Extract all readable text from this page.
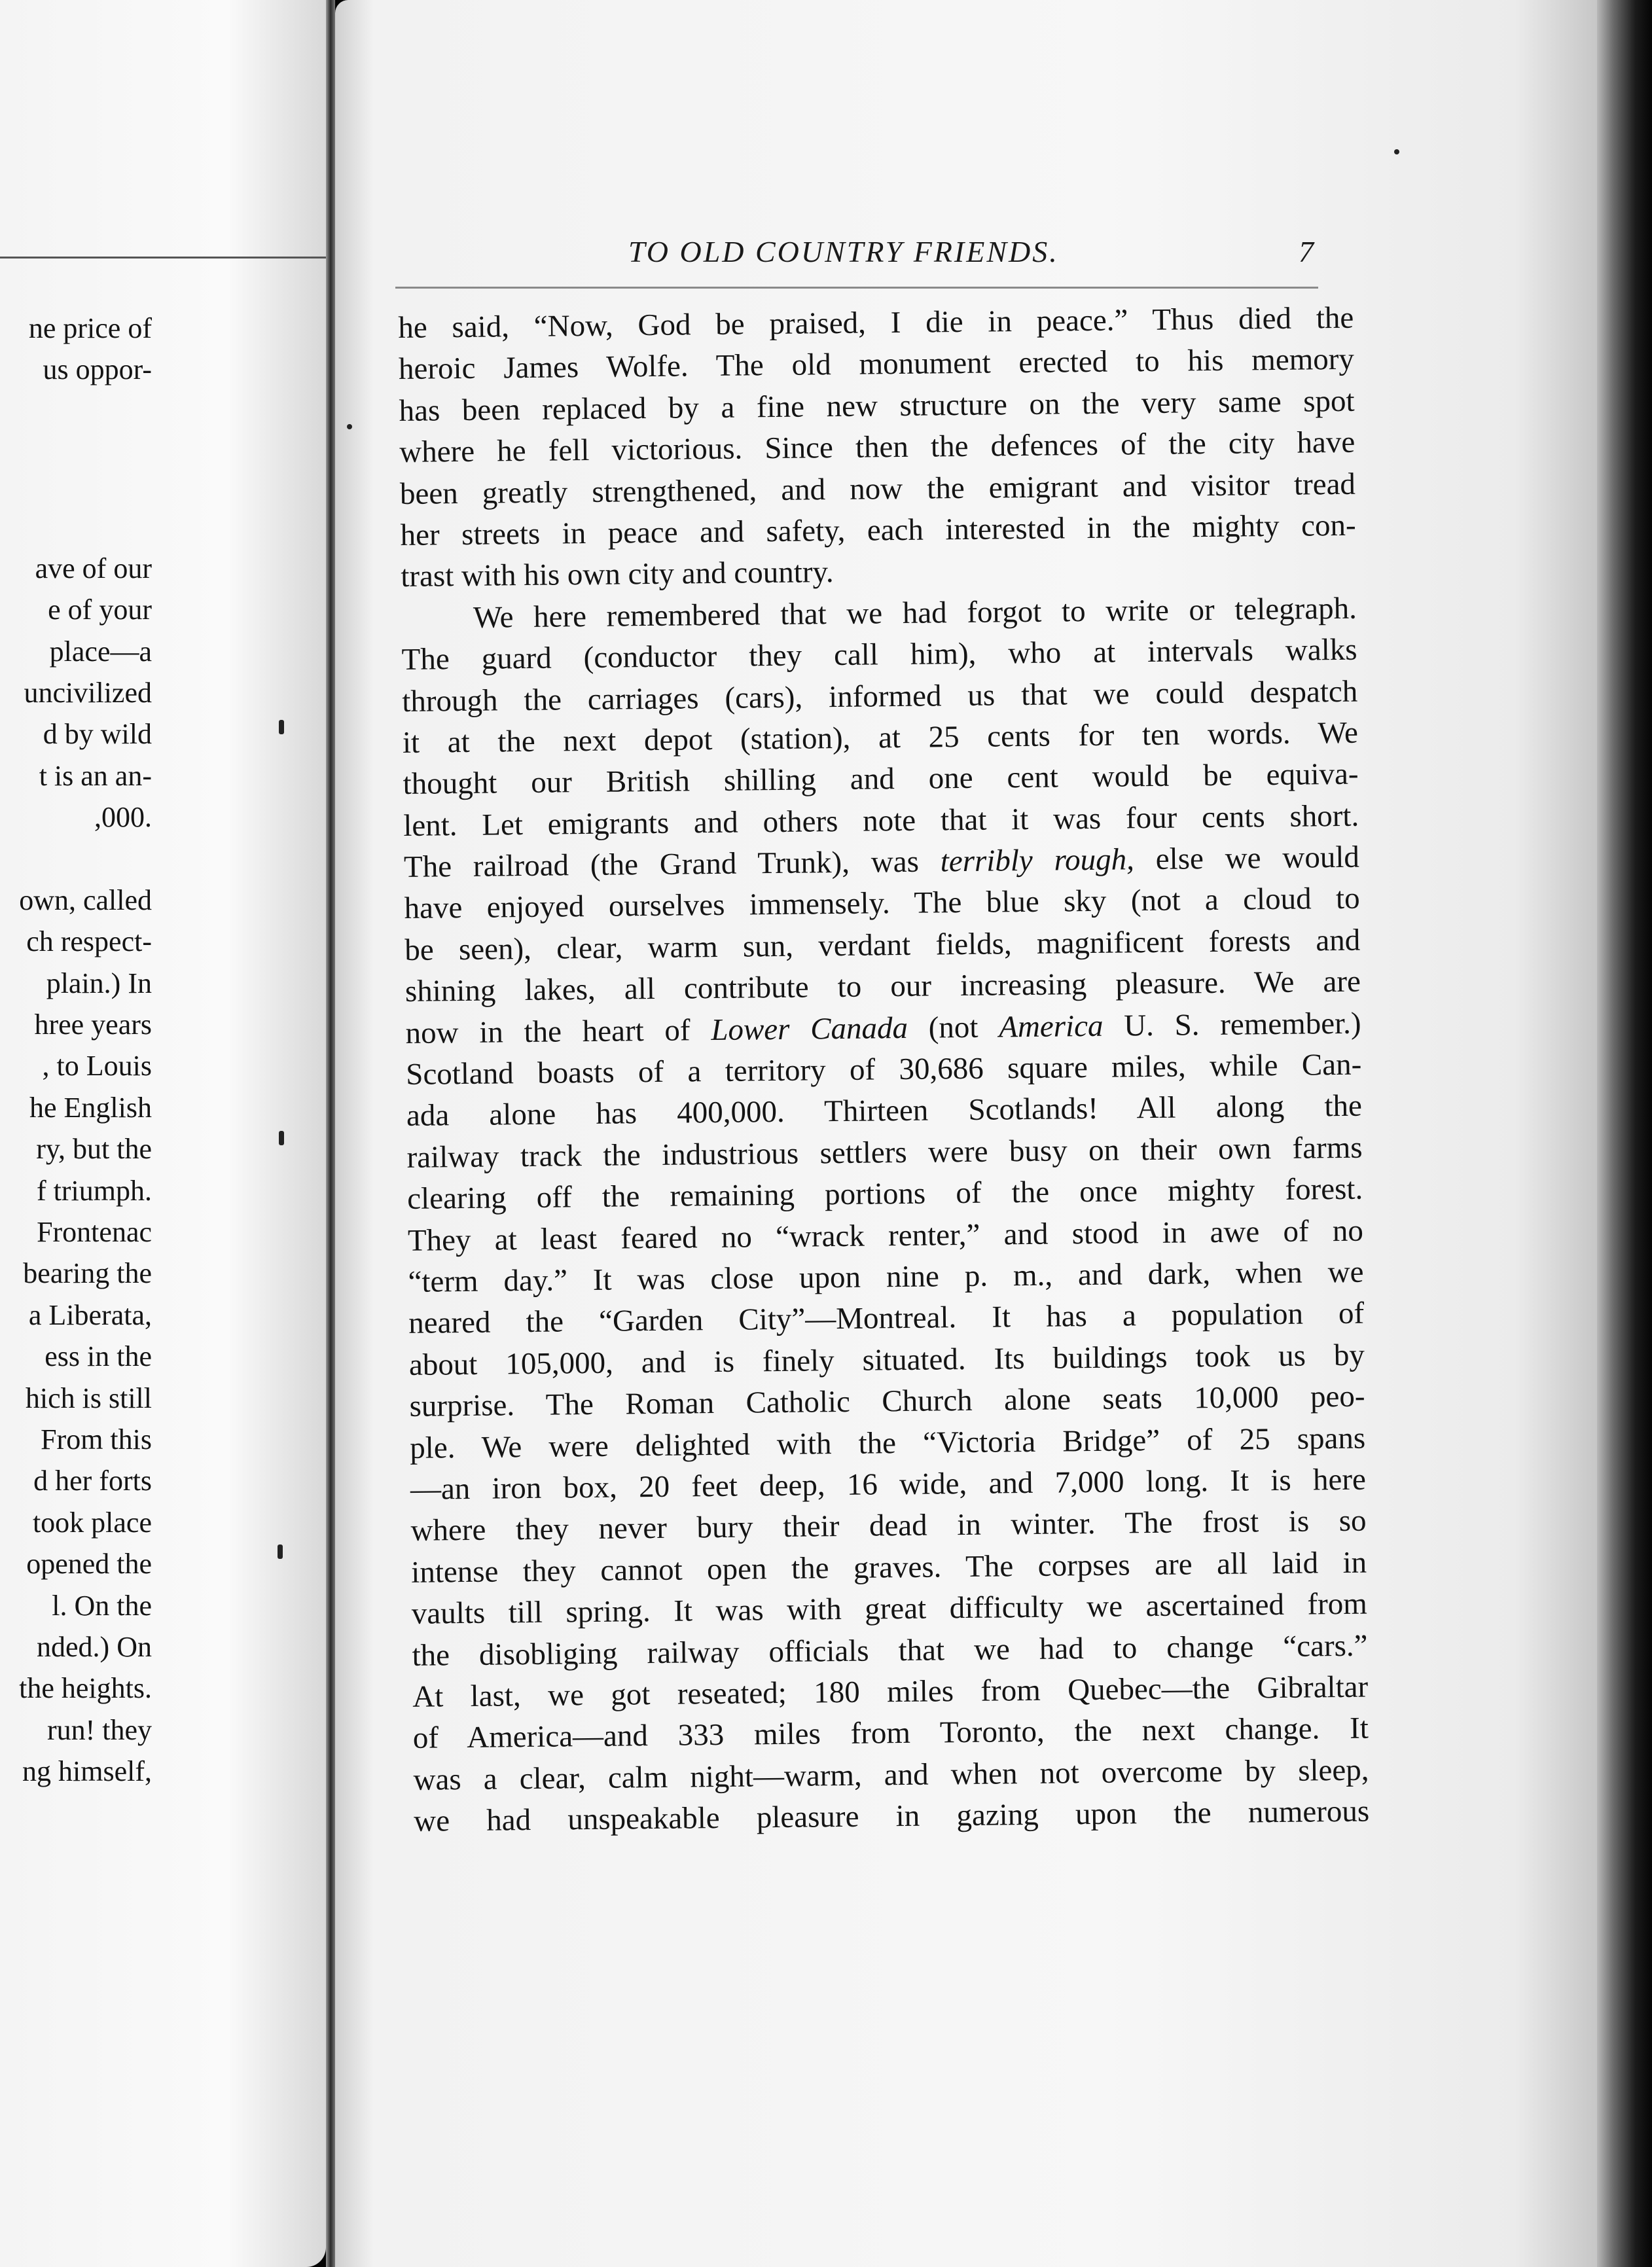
ne price of
us oppor-
ave of our
e of your
place—a
uncivilized
d by wild
t is an an-
,000.
own, called
ch respect-
plain.) In
hree years
, to Louis
he English
ry, but the
f triumph.
Frontenac
bearing the
a Liberata,
ess in the
hich is still
From this
d her forts
took place
opened the
l. On the
nded.) On
the heights.
run! they
ng himself,
TO OLD COUNTRY FRIENDS.	7
he said, “Now, God be praised, I die in peace.” Thus died the
heroic James Wolfe. The old monument erected to his memory
has been replaced by a fine new structure on the very same spot
where he fell victorious. Since then the defences of the city have
been greatly strengthened, and now the emigrant and visitor tread
her streets in peace and safety, each interested in the mighty con-
trast with his own city and country.
We here remembered that we had forgot to write or telegraph.
The guard (conductor they call him), who at intervals walks
through the carriages (cars), informed us that we could despatch
it at the next depot (station), at 25 cents for ten words. We
thought our British shilling and one cent would be equiva-
lent. Let emigrants and others note that it was four cents short.
The railroad (the Grand Trunk), was terribly rough, else we would
have enjoyed ourselves immensely. The blue sky (not a cloud to
be seen), clear, warm sun, verdant fields, magnificent forests and
shining lakes, all contribute to our increasing pleasure. We are
now in the heart of Lower Canada (not America U. S. remember.)
Scotland boasts of a territory of 30,686 square miles, while Can-
ada alone has 400,000. Thirteen Scotlands! All along the
railway track the industrious settlers were busy on their own farms
clearing off the remaining portions of the once mighty forest.
They at least feared no “wrack renter,” and stood in awe of no
“term day.” It was close upon nine p. m., and dark, when we
neared the “Garden City”—Montreal. It has a population of
about 105,000, and is finely situated. Its buildings took us by
surprise. The Roman Catholic Church alone seats 10,000 peo-
ple. We were delighted with the “Victoria Bridge” of 25 spans
—an iron box, 20 feet deep, 16 wide, and 7,000 long. It is here
where they never bury their dead in winter. The frost is so
intense they cannot open the graves. The corpses are all laid in
vaults till spring. It was with great difficulty we ascertained from
the disobliging railway officials that we had to change “cars.”
At last, we got reseated; 180 miles from Quebec—the Gibraltar
of America—and 333 miles from Toronto, the next change. It
was a clear, calm night—warm, and when not overcome by sleep,
we had unspeakable pleasure in gazing upon the numerous
